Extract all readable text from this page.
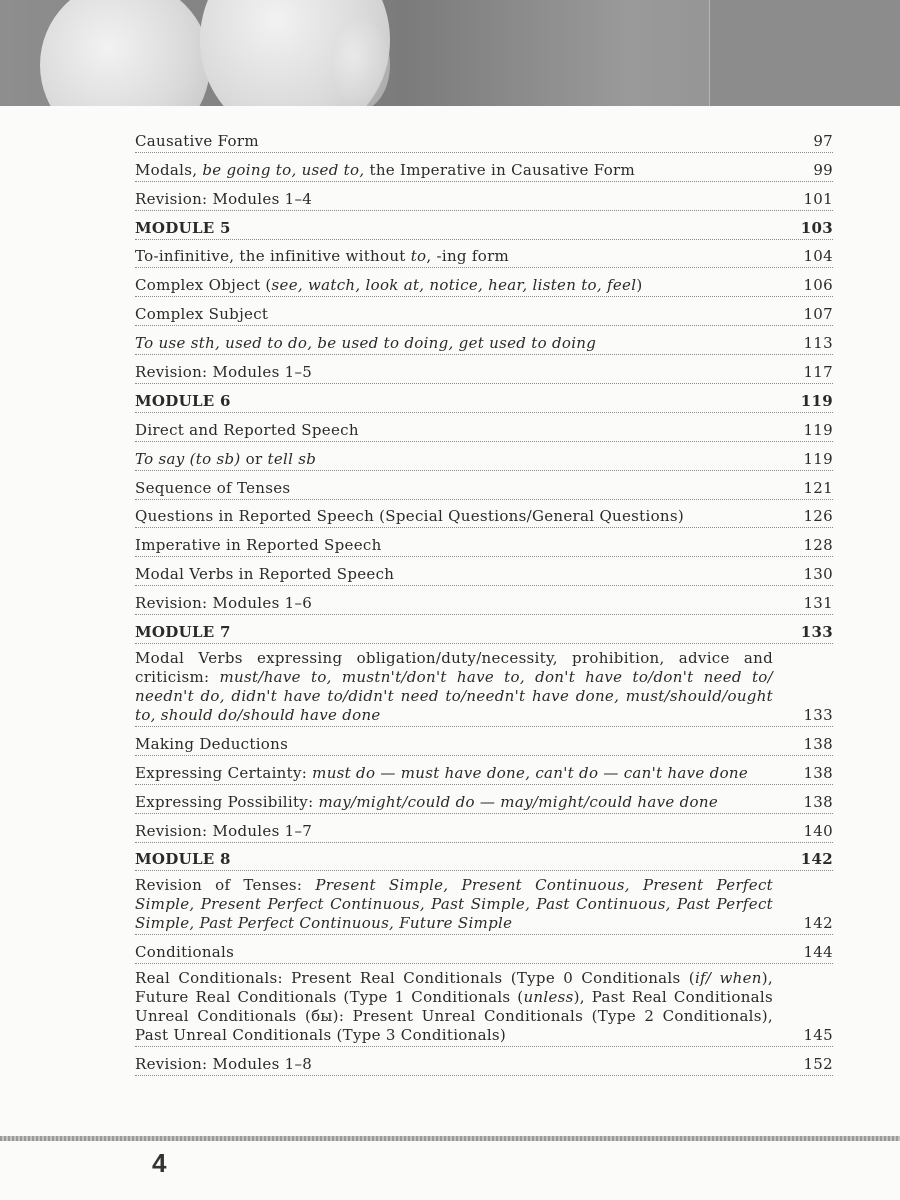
Causative Form	97
Modals, be going to, used to, the Imperative in Causative Form	99
Revision: Modules 1–4	101
MODULE 5	103
To-infinitive, the infinitive without to, -ing form	104
Complex Object (see, watch, look at, notice, hear, listen to, feel)	106
Complex Subject	107
To use sth, used to do, be used to doing, get used to doing	113
Revision: Modules 1–5	117
MODULE 6	119
Direct and Reported Speech	119
To say (to sb) or tell sb	119
Sequence of Tenses	121
Questions in Reported Speech (Special Questions/General Questions)	126
Imperative in Reported Speech	128
Modal Verbs in Reported Speech	130
Revision: Modules 1–6	131
MODULE 7	133
Modal Verbs expressing obligation/duty/necessity, prohibition, advice and criticism: must/have to, mustn't/don't have to, don't have to/don't need to/ needn't do, didn't have to/didn't need to/needn't have done, must/should/ought to, should do/should have done	133
Making Deductions	138
Expressing Certainty: must do — must have done, can't do — can't have done	138
Expressing Possibility: may/might/could do — may/might/could have done	138
Revision: Modules 1–7	140
MODULE 8	142
Revision of Tenses: Present Simple, Present Continuous, Present Perfect Simple, Present Perfect Continuous, Past Simple, Past Continuous, Past Perfect Simple, Past Perfect Continuous, Future Simple	142
Conditionals	144
Real Conditionals: Present Real Conditionals (Type 0 Conditionals (if/ when), Future Real Conditionals (Type 1 Conditionals (unless), Past Real Conditionals Unreal Conditionals (бы): Present Unreal Conditionals (Type 2 Conditionals), Past Unreal Conditionals (Type 3 Conditionals)	145
Revision: Modules 1–8	152
4
